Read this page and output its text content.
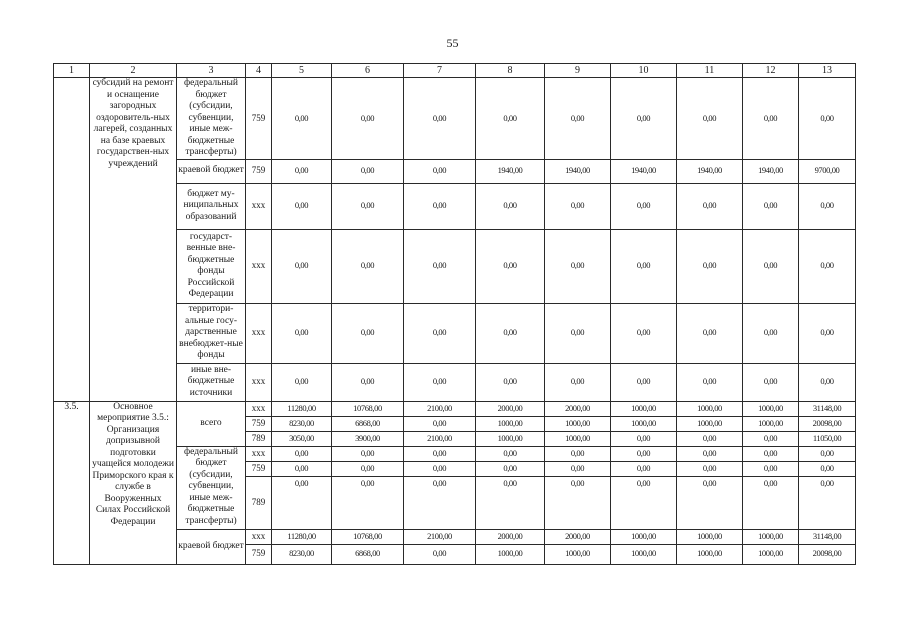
55
1	2	3	4	5	6	7	8	9	10	11	12	13
	субсидий на ремонт и оснащение загородных оздоровитель-ных лагерей, созданных на базе краевых государствен-ных учреждений	федеральный бюджет (субсидии, субвенции, иные меж-бюджетные трансферты)	759	0,00	0,00	0,00	0,00	0,00	0,00	0,00	0,00	0,00
		краевой бюджет	759	0,00	0,00	0,00	1940,00	1940,00	1940,00	1940,00	1940,00	9700,00
		бюджет му-ниципальных образований	ххх	0,00	0,00	0,00	0,00	0,00	0,00	0,00	0,00	0,00
		государст-венные вне-бюджетные фонды Российской Федерации	ххх	0,00	0,00	0,00	0,00	0,00	0,00	0,00	0,00	0,00
		территори-альные госу-дарственные внебюджет-ные фонды	ххх	0,00	0,00	0,00	0,00	0,00	0,00	0,00	0,00	0,00
		иные вне-бюджетные источники	ххх	0,00	0,00	0,00	0,00	0,00	0,00	0,00	0,00	0,00
3.5.	Основное мероприятие 3.5.: Организация допризывной подготовки учащейся молодежи Приморского края к службе в Вооруженных Силах Российской Федерации	всего	ххх	11280,00	10768,00	2100,00	2000,00	2000,00	1000,00	1000,00	1000,00	31148,00
			759	8230,00	6868,00	0,00	1000,00	1000,00	1000,00	1000,00	1000,00	20098,00
			789	3050,00	3900,00	2100,00	1000,00	1000,00	0,00	0,00	0,00	11050,00
		федеральный бюджет (субсидии, субвенции, иные меж-бюджетные трансферты)	ххх	0,00	0,00	0,00	0,00	0,00	0,00	0,00	0,00	0,00
			759	0,00	0,00	0,00	0,00	0,00	0,00	0,00	0,00	0,00
			789	0,00	0,00	0,00	0,00	0,00	0,00	0,00	0,00	0,00
		краевой бюджет	ххх	11280,00	10768,00	2100,00	2000,00	2000,00	1000,00	1000,00	1000,00	31148,00
			759	8230,00	6868,00	0,00	1000,00	1000,00	1000,00	1000,00	1000,00	20098,00
